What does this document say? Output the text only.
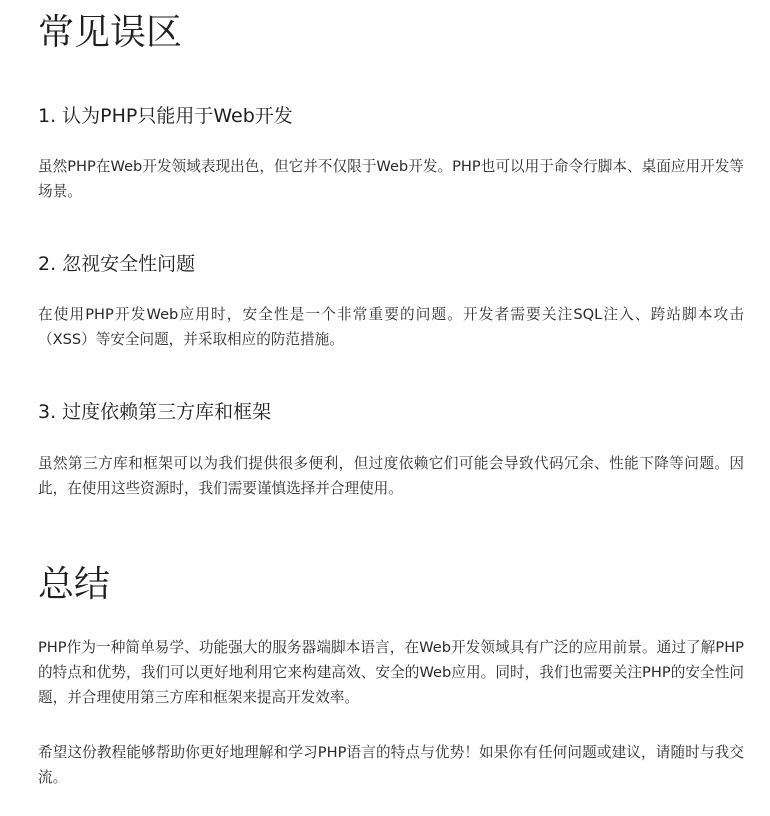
常见误区
1. 认为PHP只能用于Web开发

虽然PHP在Web开发领域表现出色，但它并不仅限于Web开发。PHP也可以用于命令行脚本、桌面应用开发等场景。

2. 忽视安全性问题

在使用PHP开发Web应用时，安全性是一个非常重要的问题。开发者需要关注SQL注入、跨站脚本攻击（XSS）等安全问题，并采取相应的防范措施。

3. 过度依赖第三方库和框架

虽然第三方库和框架可以为我们提供很多便利，但过度依赖它们可能会导致代码冗余、性能下降等问题。因此，在使用这些资源时，我们需要谨慎选择并合理使用。

总结

PHP作为一种简单易学、功能强大的服务器端脚本语言，在Web开发领域具有广泛的应用前景。通过了解PHP的特点和优势，我们可以更好地利用它来构建高效、安全的Web应用。同时，我们也需要关注PHP的安全性问题，并合理使用第三方库和框架来提高开发效率。

希望这份教程能够帮助你更好地理解和学习PHP语言的特点与优势！如果你有任何问题或建议，请随时与我交流。
